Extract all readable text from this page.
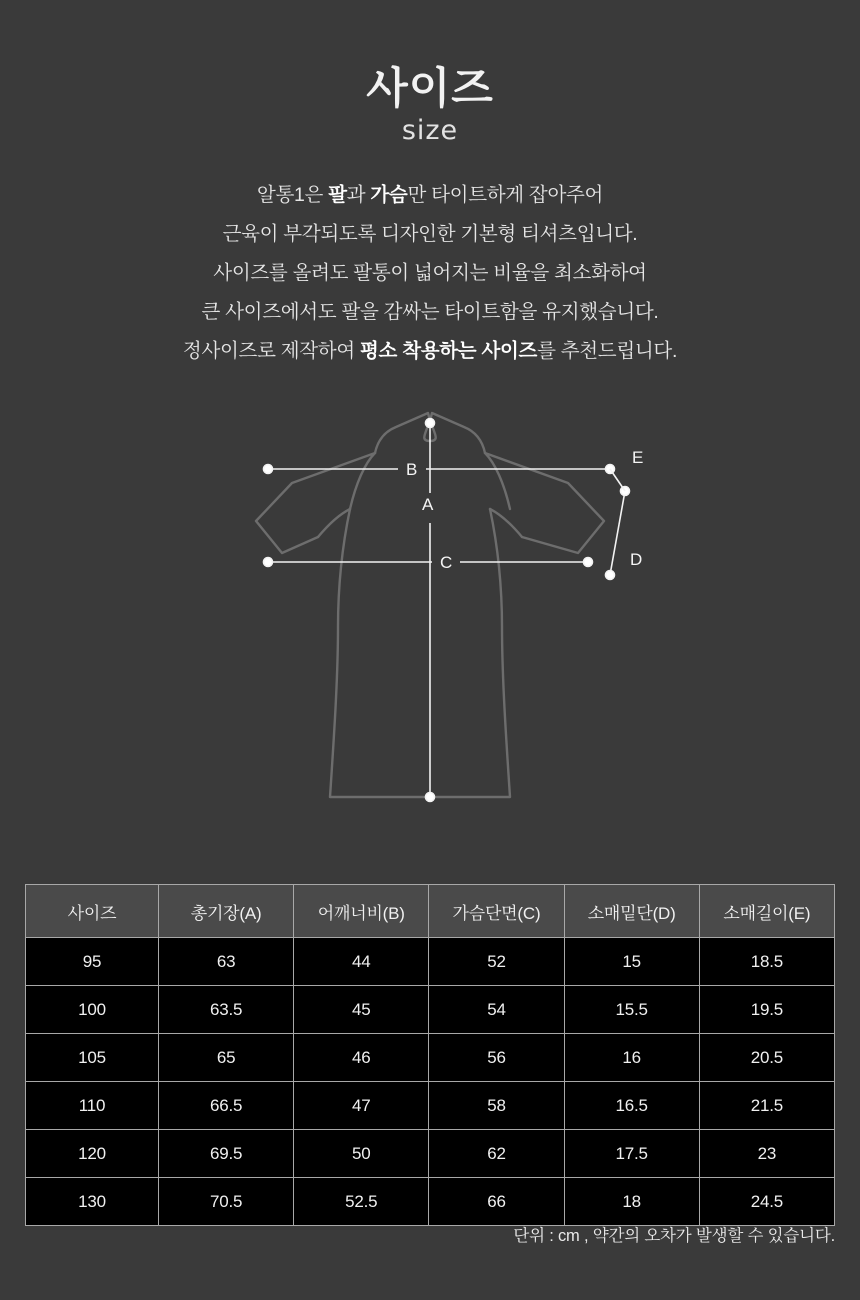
사이즈
size
알통1은 팔과 가슴만 타이트하게 잡아주어
근육이 부각되도록 디자인한 기본형 티셔츠입니다.
사이즈를 올려도 팔통이 넓어지는 비율을 최소화하여
큰 사이즈에서도 팔을 감싸는 타이트함을 유지했습니다.
정사이즈로 제작하여 평소 착용하는 사이즈를 추천드립니다.
A
B
C	D
E
사이즈	총기장(A)	어깨너비(B)	가슴단면(C)	소매밑단(D)	소매길이(E)
95	63	44	52	15	18.5
100	63.5	45	54	15.5	19.5
105	65	46	56	16	20.5
110	66.5	47	58	16.5	21.5
120	69.5	50	62	17.5	23
130	70.5	52.5	66	18	24.5
단위 : cm , 약간의 오차가 발생할 수 있습니다.
